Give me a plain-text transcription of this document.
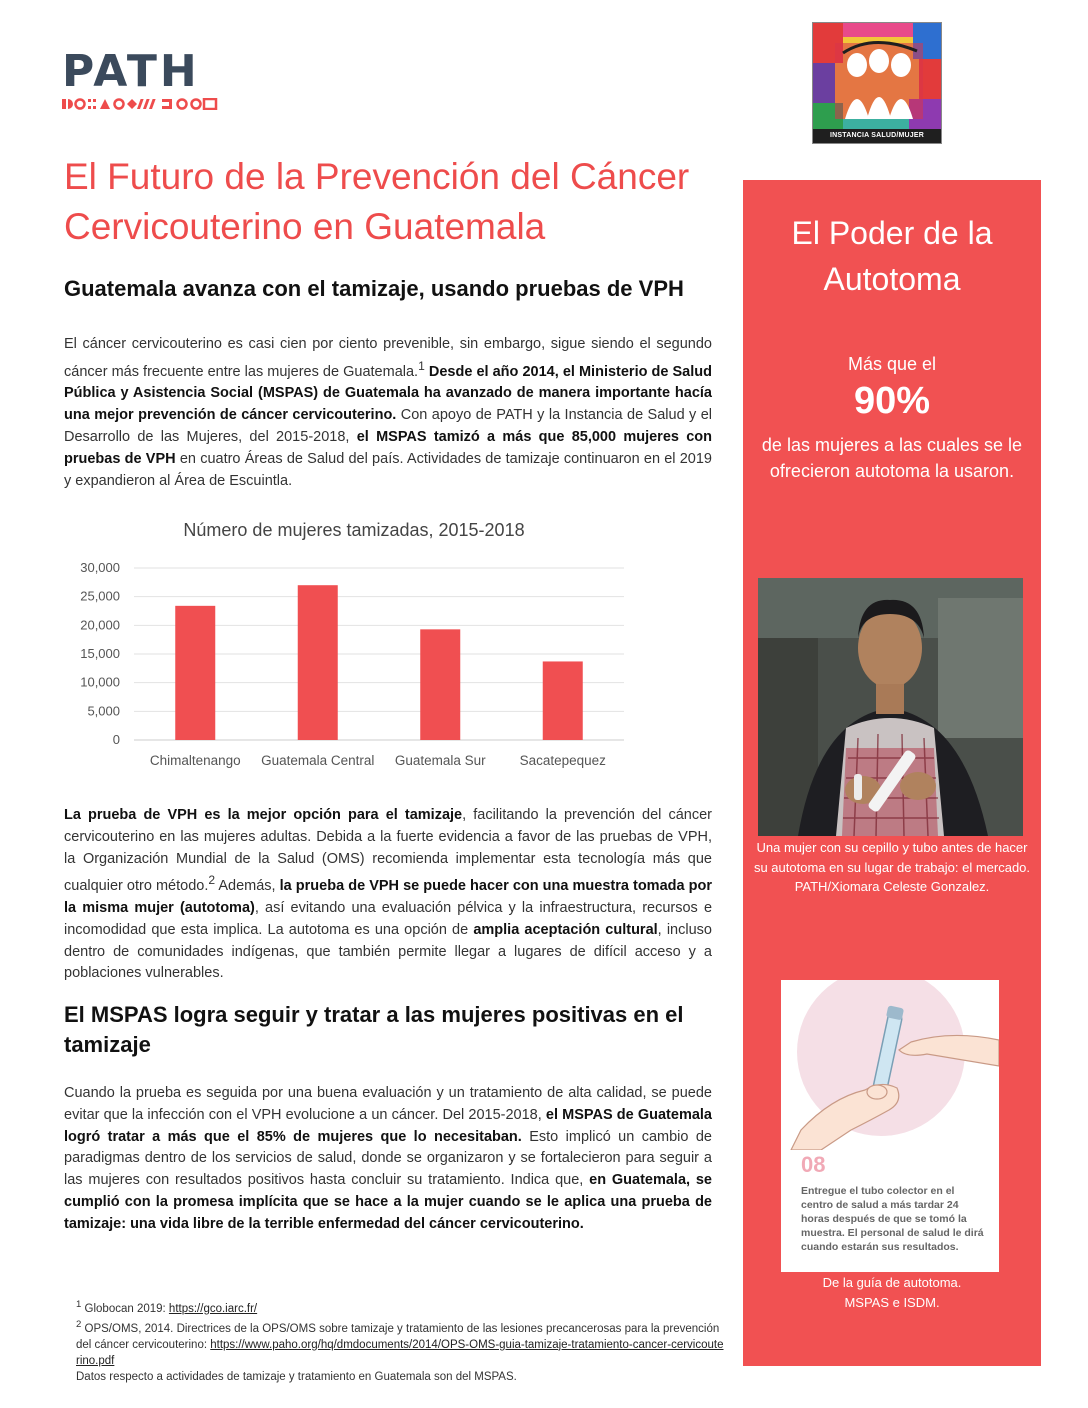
PATH
INSTANCIA SALUD/MUJER
El Futuro de la Prevención del Cáncer Cervicouterino en Guatemala
Guatemala avanza con el tamizaje, usando pruebas de VPH

El cáncer cervicouterino es casi cien por ciento prevenible, sin embargo, sigue siendo el segundo cáncer más frecuente entre las mujeres de Guatemala.$^1$ Desde el año 2014, el Ministerio de Salud Pública y Asistencia Social (MSPAS) de Guatemala ha avanzado de manera importante hacía una mejor prevención de cáncer cervicouterino. Con apoyo de PATH y la Instancia de Salud y el Desarrollo de las Mujeres, del 2015-2018, el MSPAS tamizó a más que 85,000 mujeres con pruebas de VPH en cuatro Áreas de Salud del país. Actividades de tamizaje continuaron en el 2019 y expandieron al Área de Escuintla.

Número de mujeres tamizadas, 2015-2018
0
5,000
10,000
15,000
20,000
25,000
30,000
Chimaltenango Guatemala Central Guatemala Sur	Sacatepequez

La prueba de VPH es la mejor opción para el tamizaje, facilitando la prevención del cáncer cervicouterino en las mujeres adultas. Debida a la fuerte evidencia a favor de las pruebas de VPH, la Organización Mundial de la Salud (OMS) recomienda implementar esta tecnología más que cualquier otro método.$^2$ Además, la prueba de VPH se puede hacer con una muestra tomada por la misma mujer (autotoma), así evitando una evaluación pélvica y la infraestructura, recursos e incomodidad que esta implica. La autotoma es una opción de amplia aceptación cultural, incluso dentro de comunidades indígenas, que también permite llegar a lugares de difícil acceso y a poblaciones vulnerables.

El MSPAS logra seguir y tratar a las mujeres positivas en el tamizaje

Cuando la prueba es seguida por una buena evaluación y un tratamiento de alta calidad, se puede evitar que la infección con el VPH evolucione a un cáncer. Del 2015-2018, el MSPAS de Guatemala logró tratar a más que el 85% de mujeres que lo necesitaban. Esto implicó un cambio de paradigmas dentro de los servicios de salud, donde se organizaron y se fortalecieron para seguir a las mujeres con resultados positivos hasta concluir su tratamiento. Indica que, en Guatemala, se cumplió con la promesa implícita que se hace a la mujer cuando se le aplica una prueba de tamizaje: una vida libre de la terrible enfermedad del cáncer cervicouterino.

$^1$ Globocan 2019: https://gco.iarc.fr/
$^2$ OPS/OMS, 2014. Directrices de la OPS/OMS sobre tamizaje y tratamiento de las lesiones precancerosas para la prevención del cáncer cervicouterino: https://www.paho.org/hq/dmdocuments/2014/OPS-OMS-guia-tamizaje-tratamiento-cancer-cervicouterino.pdf
Datos respecto a actividades de tamizaje y tratamiento en Guatemala son del MSPAS.
El Poder de la
Autotoma
Más que el
90%
de las mujeres a las cuales se le ofrecieron autotoma la usaron.
Una mujer con su cepillo y tubo antes de hacer su autotoma en su lugar de trabajo: el mercado.
PATH/Xiomara Celeste Gonzalez.
08
Entregue el tubo colector en el centro de salud a más tardar 24 horas después de que se tomó la muestra. El personal de salud le dirá cuando estarán sus resultados.
De la guía de autotoma.
MSPAS e ISDM.
